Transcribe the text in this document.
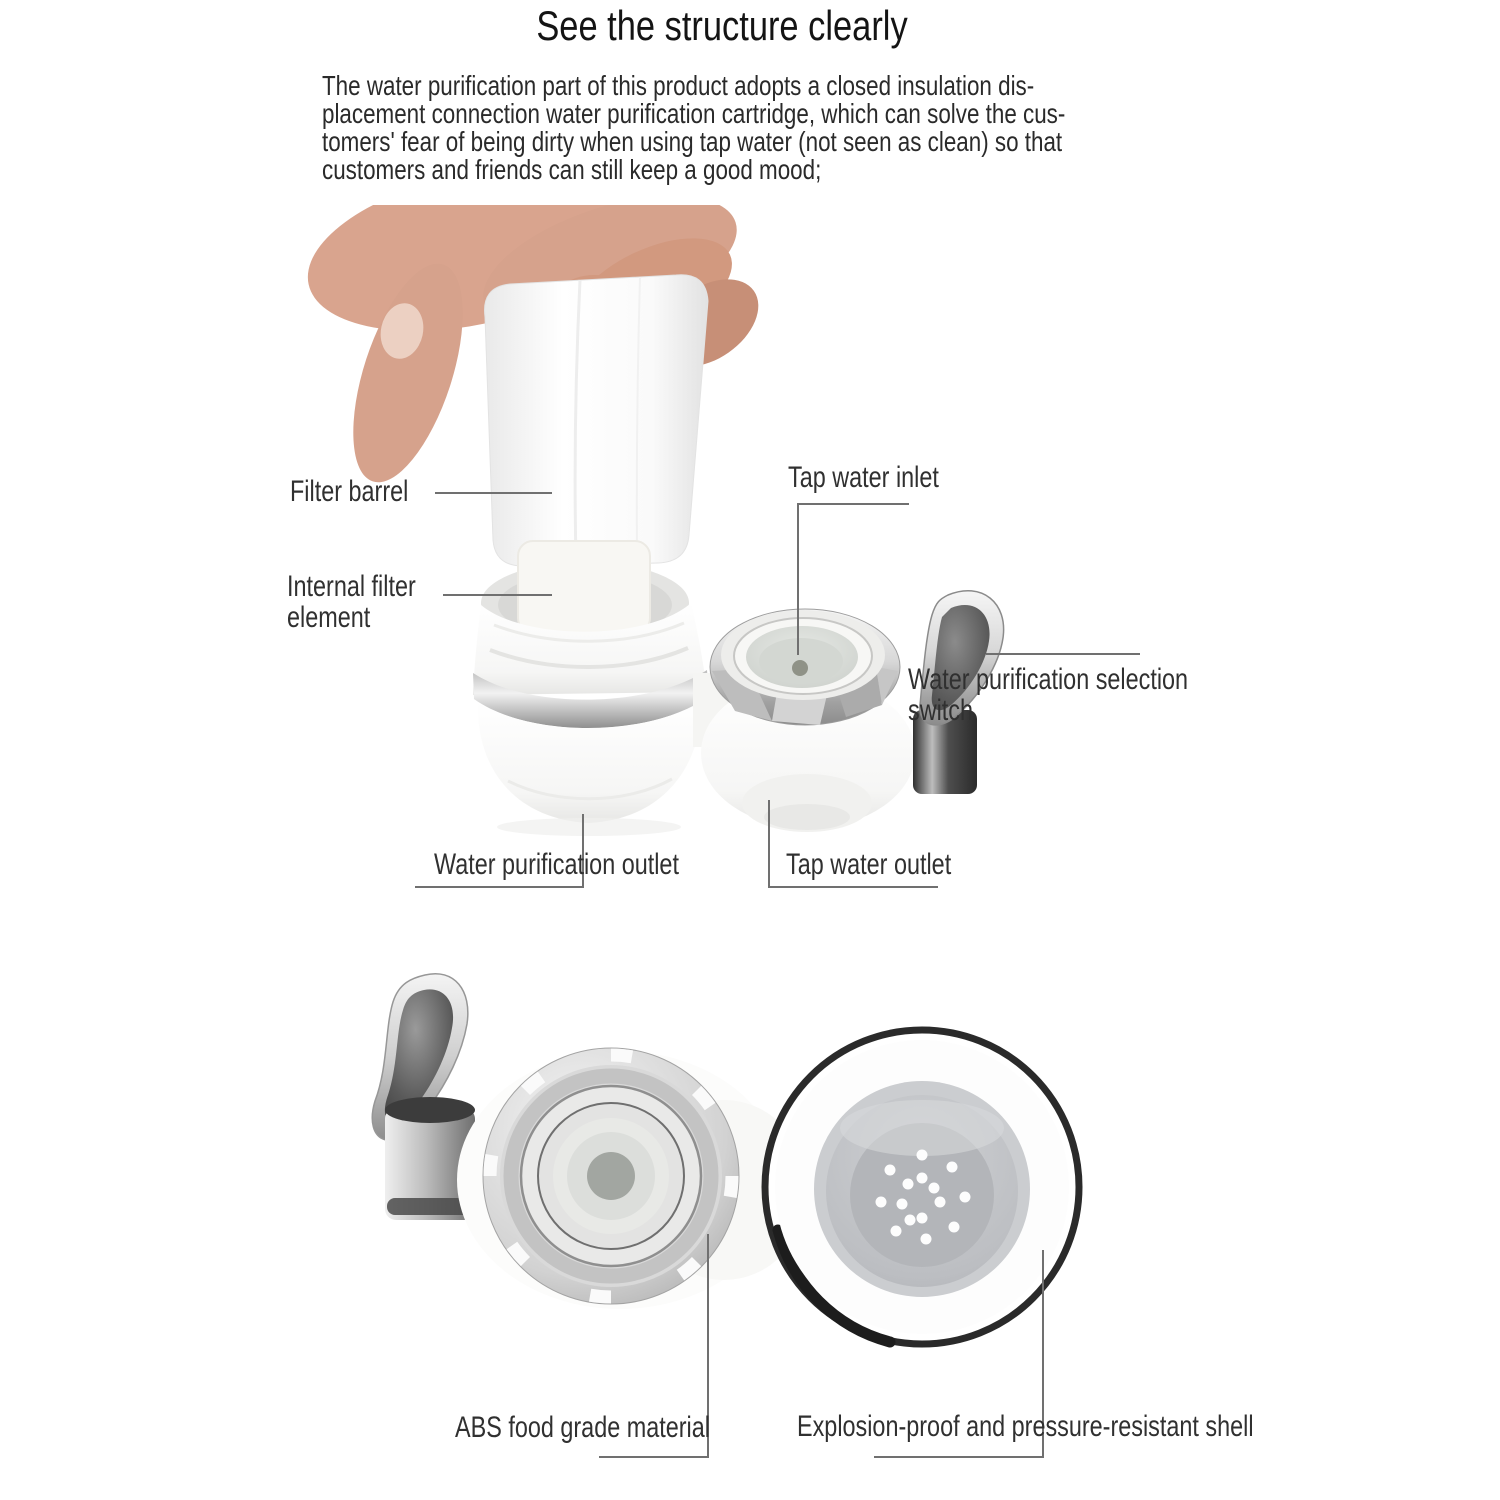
See the structure clearly
The water purification part of this product adopts a closed insulation dis-
placement connection water purification cartridge, which can solve the cus-
tomers' fear of being dirty when using tap water (not seen as clean) so that
customers and friends can still keep a good mood;
Filter barrel
Internal filter element
Tap water inlet
Water purification selection switch
Water purification outlet	Tap water outlet
ABS food grade material	Explosion-proof and pressure-resistant shell
